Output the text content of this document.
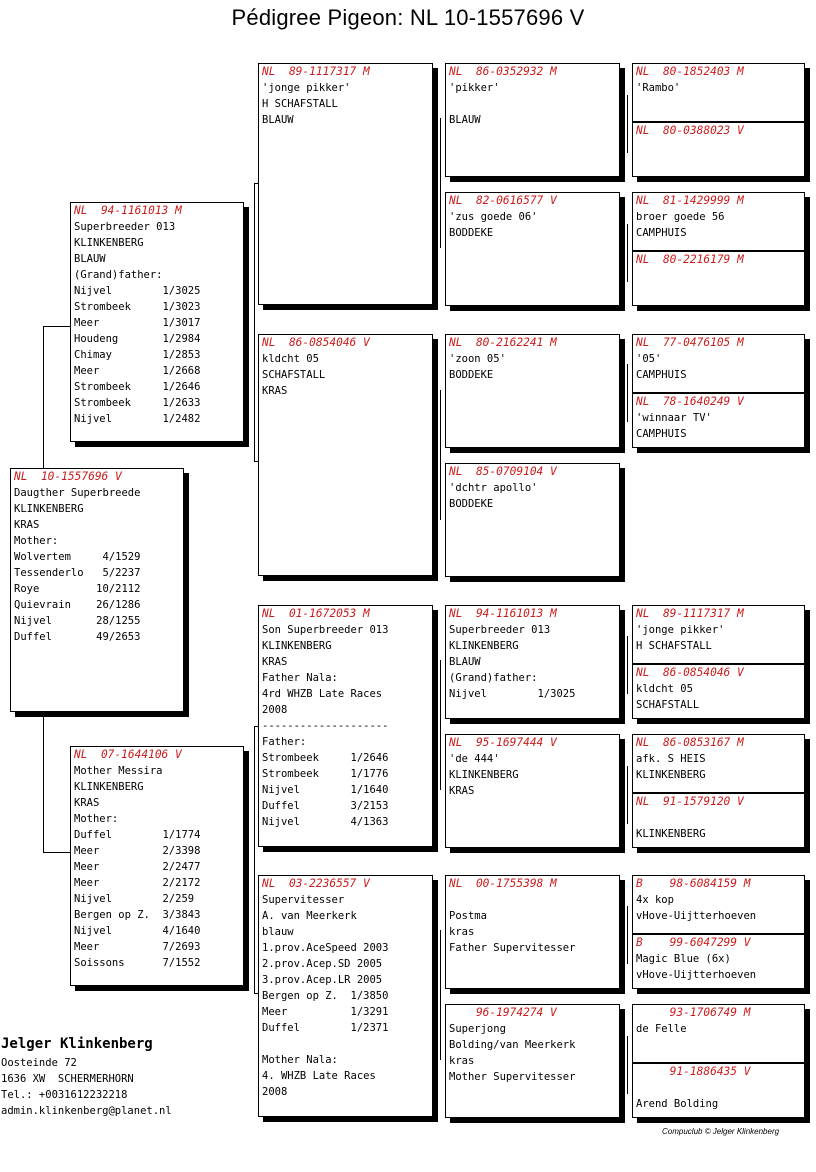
Pédigree Pigeon: NL 10-1557696 V
NL  10-1557696 V
Daugther Superbreede
KLINKENBERG
KRAS
Mother:
Wolvertem     4/1529
Tessenderlo   5/2237
Roye         10/2112
Quievrain    26/1286
Nijvel       28/1255
Duffel       49/2653
NL  94-1161013 M
Superbreeder 013
KLINKENBERG
BLAUW
(Grand)father:
Nijvel        1/3025
Strombeek     1/3023
Meer          1/3017
Houdeng       1/2984
Chimay        1/2853
Meer          1/2668
Strombeek     1/2646
Strombeek     1/2633
Nijvel        1/2482
NL  07-1644106 V
Mother Messira
KLINKENBERG
KRAS
Mother:
Duffel        1/1774
Meer          2/3398
Meer          2/2477
Meer          2/2172
Nijvel        2/259
Bergen op Z.  3/3843
Nijvel        4/1640
Meer          7/2693
Soissons      7/1552
NL  89-1117317 M
'jonge pikker'
H SCHAFSTALL
BLAUW
NL  86-0854046 V
kldcht 05
SCHAFSTALL
KRAS
NL  01-1672053 M
Son Superbreeder 013
KLINKENBERG
KRAS
Father Nala:
4rd WHZB Late Races
2008
--------------------
Father:
Strombeek     1/2646
Strombeek     1/1776
Nijvel        1/1640
Duffel        3/2153
Nijvel        4/1363
NL  03-2236557 V
Supervitesser
A. van Meerkerk
blauw
1.prov.AceSpeed 2003
2.prov.Acep.SD 2005
3.prov.Acep.LR 2005
Bergen op Z.  1/3850
Meer          1/3291
Duffel        1/2371
Mother Nala:
4. WHZB Late Races
2008
NL  86-0352932 M
'pikker'
BLAUW
NL  82-0616577 V
'zus goede 06'
BODDEKE
NL  80-2162241 M
'zoon 05'
BODDEKE
NL  85-0709104 V
'dchtr apollo'
BODDEKE
NL  94-1161013 M
Superbreeder 013
KLINKENBERG
BLAUW
(Grand)father:
Nijvel        1/3025
NL  95-1697444 V
'de 444'
KLINKENBERG
KRAS
NL  00-1755398 M
Postma
kras
Father Supervitesser
96-1974274 V
Superjong
Bolding/van Meerkerk
kras
Mother Supervitesser
NL  80-1852403 M
'Rambo'
NL  80-0388023 V
NL  81-1429999 M
broer goede 56
CAMPHUIS
NL  80-2216179 M
NL  77-0476105 M
'05'
CAMPHUIS
NL  78-1640249 V
'winnaar TV'
CAMPHUIS
NL  89-1117317 M
'jonge pikker'
H SCHAFSTALL
NL  86-0854046 V
kldcht 05
SCHAFSTALL
NL  86-0853167 M
afk. S HEIS
KLINKENBERG
NL  91-1579120 V
KLINKENBERG
B    98-6084159 M
4x kop
vHove-Uijtterhoeven
B    99-6047299 V
Magic Blue (6x)
vHove-Uijtterhoeven
93-1706749 M
de Felle
91-1886435 V
Arend Bolding
Jelger Klinkenberg
Oosteinde 72
1636 XW  SCHERMERHORN
Tel.: +0031612232218
admin.klinkenberg@planet.nl
Compuclub © Jelger Klinkenberg
